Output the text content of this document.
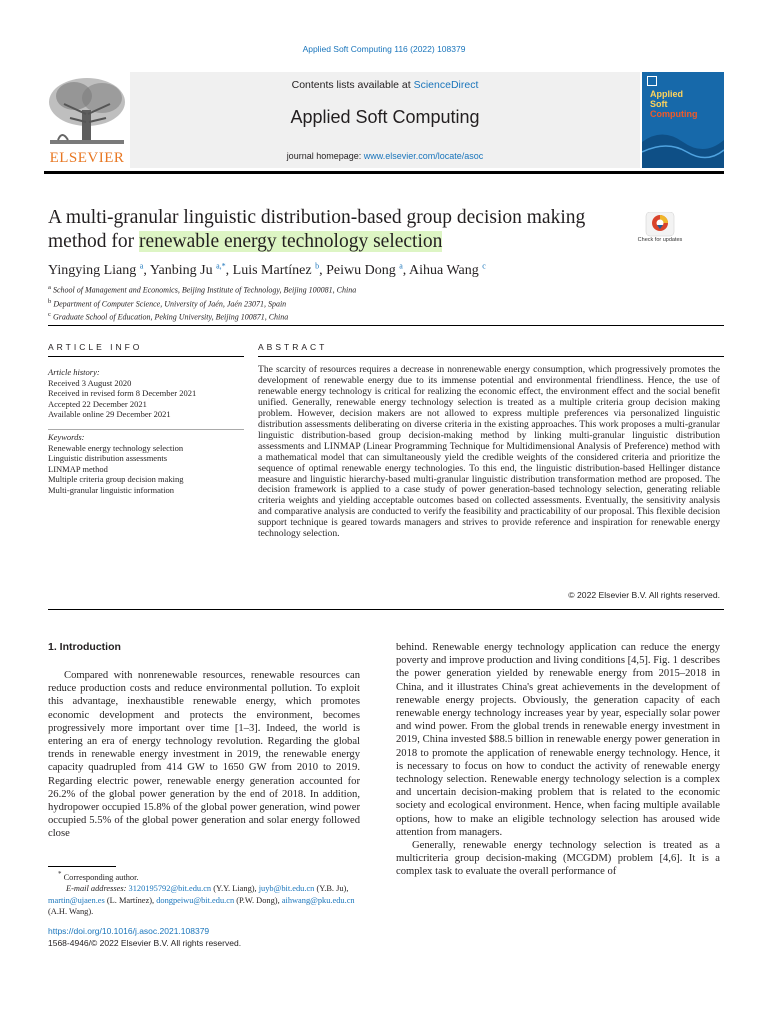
Applied Soft Computing 116 (2022) 108379
Contents lists available at ScienceDirect
Applied Soft Computing
journal homepage: www.elsevier.com/locate/asoc
ELSEVIER
Applied
Soft
Computing
A multi-granular linguistic distribution-based group decision making method for renewable energy technology selection	Check for updates
Yingying Liang $^a$, Yanbing Ju $^{a,*}$, Luis Martínez $^b$, Peiwu Dong $^a$, Aihua Wang $^c$
$^a$ School of Management and Economics, Beijing Institute of Technology, Beijing 100081, China
$^b$ Department of Computer Science, University of Jaén, Jaén 23071, Spain
$^c$ Graduate School of Education, Peking University, Beijing 100871, China
ARTICLE INFO	ABSTRACT
Article history:
Received 3 August 2020
Received in revised form 8 December 2021
Accepted 22 December 2021
Available online 29 December 2021
Keywords:
Renewable energy technology selection
Linguistic distribution assessments
LINMAP method
Multiple criteria group decision making
Multi-granular linguistic information
The scarcity of resources requires a decrease in nonrenewable energy consumption, which progressively promotes the development of renewable energy due to its immense potential and environmental friendliness. Hence, the use of renewable energy technology is critical for realizing the economic effect, the environment effect and the social benefit unified. Generally, renewable energy technology selection is treated as a multiple criteria group decision making problem. However, decision makers are not allowed to express multiple preferences via personalized linguistic distribution assessments deliberating on diverse criteria in the existing approaches. This work proposes a multi-granular linguistic distribution-based group decision-making method by linking multi-granular linguistic distribution assessments and LINMAP (Linear Programming Technique for Multidimensional Analysis of Preference) method with a mathematical model that can simultaneously yield the credible weights of the considered criteria and prioritize the sequence of optimal renewable energy technologies. To this end, the linguistic distribution-based Hellinger distance measure and linguistic hierarchy-based multi-granular linguistic distribution transformation method are proposed. The decision framework is applied to a case study of power generation-based technology selection, generating reliable criteria weights and yielding acceptable outcomes based on collected assessments. Eventually, the sensitivity analysis and comparative analysis are conducted to verify the feasibility and practicability of our proposal. This flexible decision support technique is geared towards managers and strives to provide reference and inspiration for renewable energy technology selection.
© 2022 Elsevier B.V. All rights reserved.
1. Introduction

Compared with nonrenewable resources, renewable resources can reduce production costs and reduce environmental pollution. To exploit this advantage, inexhaustible renewable energy, which promotes economic development and protects the environment, becomes progressively more important over time [1–3]. Indeed, the world is entering an era of energy technology revolution. Regarding the global trends in renewable energy investment in 2019, the renewable energy capacity quadrupled from 414 GW to 1650 GW from 2010 to 2019. Regarding electric power, renewable energy generation accounted for 26.2% of the global power generation by the end of 2018. In addition, hydropower occupied 15.8% of the global power generation, wind power occupied 5.5% of the global power generation and solar energy followed close

behind. Renewable energy technology application can reduce the energy poverty and improve production and living conditions [4,5]. Fig. 1 describes the power generation yielded by renewable energy from 2015–2018 in China, and it illustrates China's great achievements in the development of renewable energy projects. Obviously, the generation capacity of each renewable energy technology increases year by year, especially solar power and wind power. From the global trends in renewable energy investment in 2019, China invested $88.5 billion in renewable energy power generation in 2018 to promote the application of renewable energy technology. Hence, it is necessary to focus on how to conduct the activity of renewable energy technology selection. Renewable energy technology selection is a complex and uncertain decision-making problem that is related to the economic society and ecological environment. Hence, when facing multiple available options, how to make an eligible technology selection has aroused wide attention from managers.

Generally, renewable energy technology selection is treated as a multicriteria group decision-making (MCGDM) problem [4,6]. It is a complex task to evaluate the overall performance of

* Corresponding author.
E-mail addresses: 3120195792@bit.edu.cn (Y.Y. Liang), juyb@bit.edu.cn (Y.B. Ju), martin@ujaen.es (L. Martínez), dongpeiwu@bit.edu.cn (P.W. Dong), aihwang@pku.edu.cn (A.H. Wang).
https://doi.org/10.1016/j.asoc.2021.108379
1568-4946/© 2022 Elsevier B.V. All rights reserved.
